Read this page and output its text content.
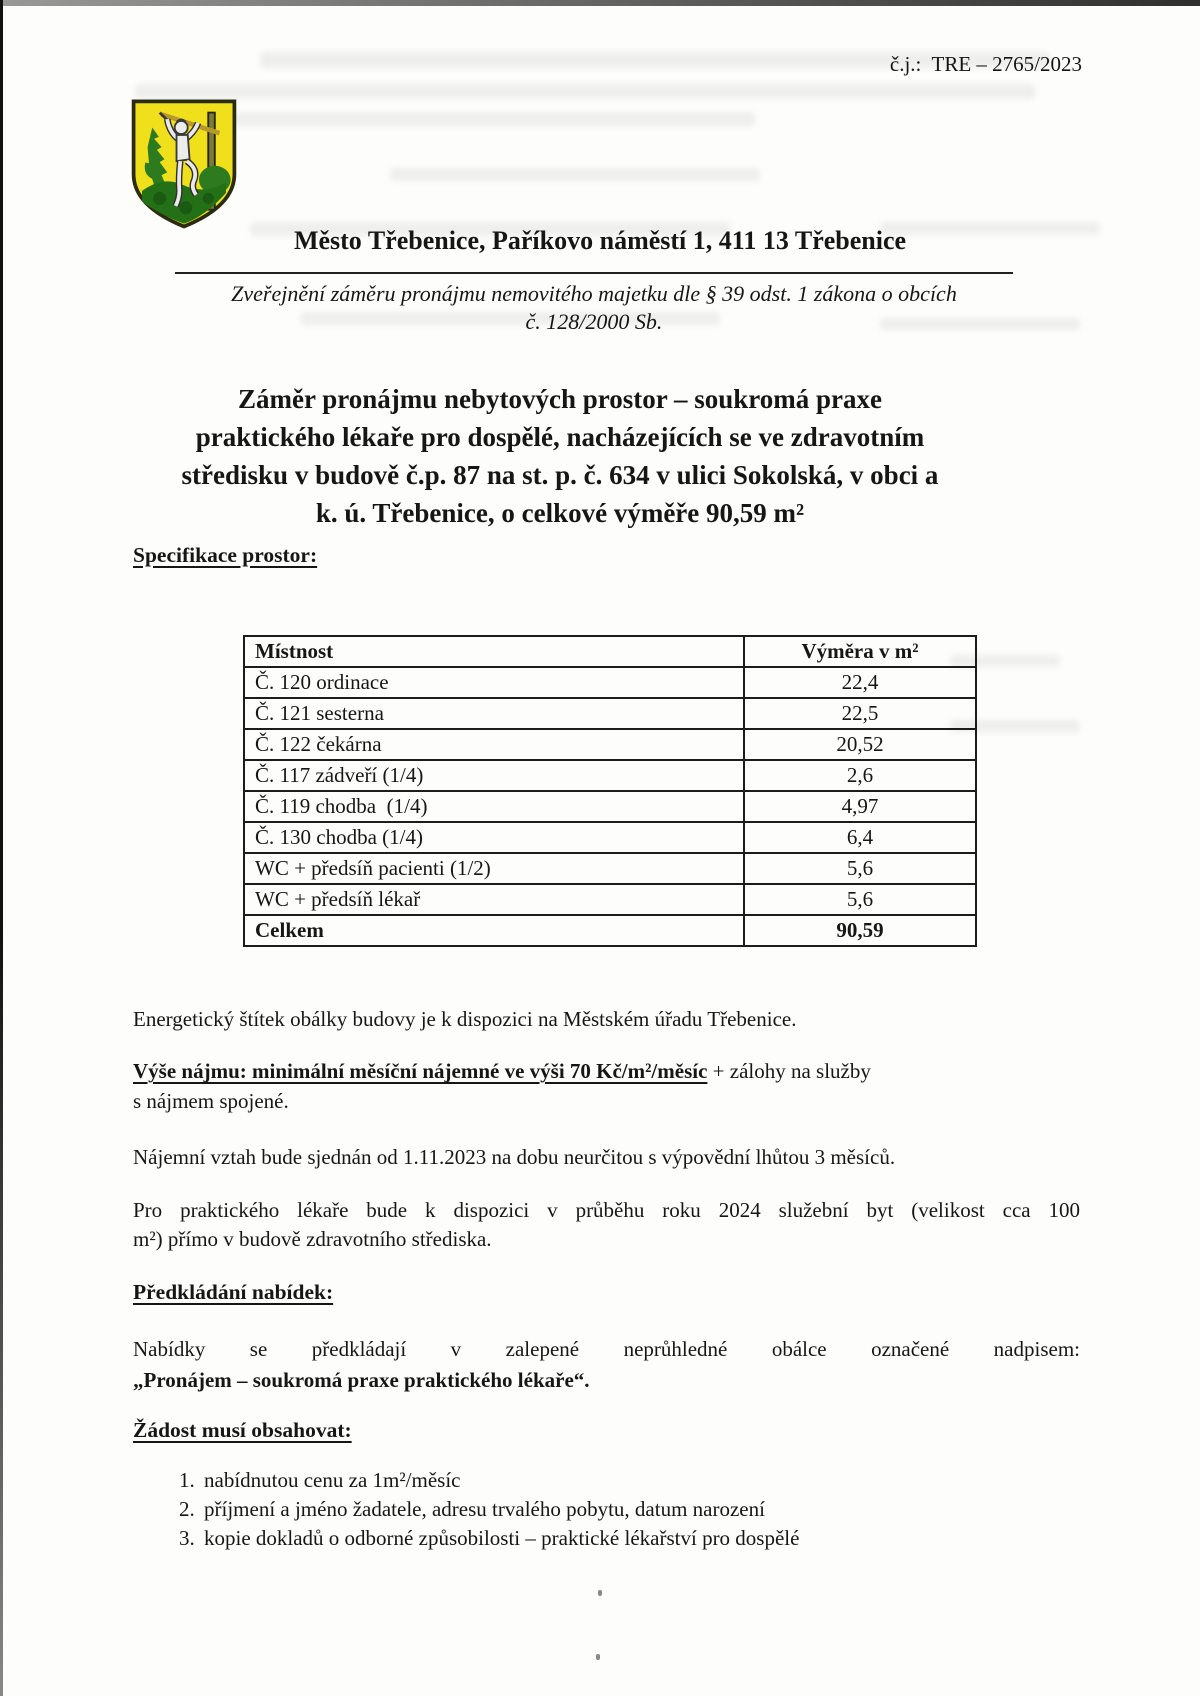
č.j.:  TRE – 2765/2023
Město Třebenice, Paříkovo náměstí 1, 411 13 Třebenice
Zveřejnění záměru pronájmu nemovitého majetku dle § 39 odst. 1 zákona o obcích
č. 128/2000 Sb.
Záměr pronájmu nebytových prostor – soukromá praxe
praktického lékaře pro dospělé, nacházejících se ve zdravotním
středisku v budově č.p. 87 na st. p. č. 634 v ulici Sokolská, v obci a
k. ú. Třebenice, o celkové výměře 90,59 m²
Specifikace prostor:
Místnost	Výměra v m²
Č. 120 ordinace	22,4
Č. 121 sesterna	22,5
Č. 122 čekárna	20,52
Č. 117 zádveří (1/4)	2,6
Č. 119 chodba  (1/4)	4,97
Č. 130 chodba (1/4)	6,4
WC + předsíň pacienti (1/2)	5,6
WC + předsíň lékař	5,6
Celkem	90,59
Energetický štítek obálky budovy je k dispozici na Městském úřadu Třebenice.
Výše nájmu: minimální měsíční nájemné ve výši 70 Kč/m²/měsíc + zálohy na služby
s nájmem spojené.
Nájemní vztah bude sjednán od 1.11.2023 na dobu neurčitou s výpovědní lhůtou 3 měsíců.
Pro praktického lékaře bude k dispozici v průběhu roku 2024 služební byt (velikost cca 100
m²) přímo v budově zdravotního střediska.
Předkládání nabídek:
Nabídky se předkládají v zalepené neprůhledné obálce označené nadpisem:
„Pronájem – soukromá praxe praktického lékaře“.
Žádost musí obsahovat:
1. nabídnutou cenu za 1m²/měsíc
2. příjmení a jméno žadatele, adresu trvalého pobytu, datum narození
3. kopie dokladů o odborné způsobilosti – praktické lékařství pro dospělé
